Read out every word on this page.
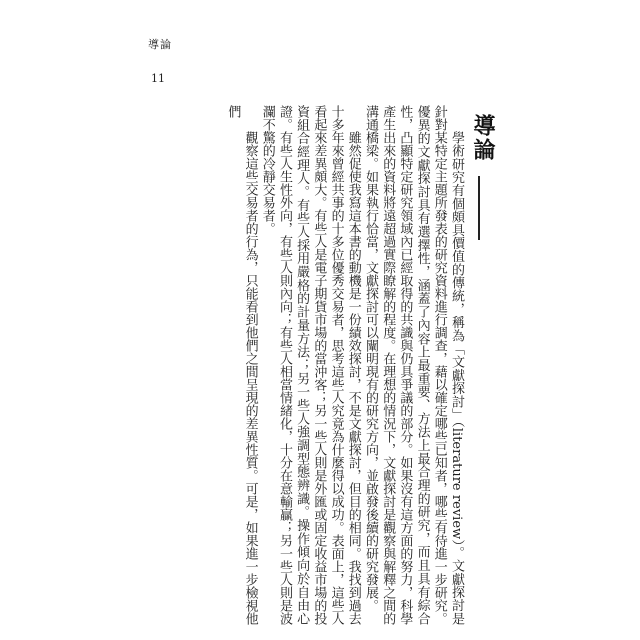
導論
11
導論

學術研究有個頗具價值的傳統，稱為「文獻探討」（literature review）。文獻探討是針對某特定主題所發表的研究資料進行調查，藉以確定哪些已知者，哪些有待進一步研究。優異的文獻探討具有選擇性，涵蓋了內容上最重要、方法上最合理的研究，而且具有綜合性，凸顯特定研究領域內已經取得的共識與仍具爭議的部分。如果沒有這方面的努力，科學產生出來的資料將遠超過實際瞭解的程度。在理想的情況下，文獻探討是觀察與解釋之間的溝通橋梁。如果執行恰當，文獻探討可以闡明現有的研究方向，並啟發後續的研究發展。

雖然促使我寫這本書的動機是一份績效探討，不是文獻探討，但目的相同。我找到過去十多年來曾經共事的十多位優秀交易者，思考這些人究竟為什麼得以成功。表面上，這些人看起來差異頗大。有些人是電子期貨市場的當沖客；另一些人則是外匯或固定收益市場的投資組合經理人。有些人採用嚴格的計量方法；另一些人強調型態辨識。操作傾向於自由心證。有些人生性外向，有些人則內向；有些人相當情緒化，十分在意輸贏；另一些人則是波瀾不驚的冷靜交易者。

觀察這些交易者的行為，只能看到他們之間呈現的差異性質。可是，如果進一步檢視他們
